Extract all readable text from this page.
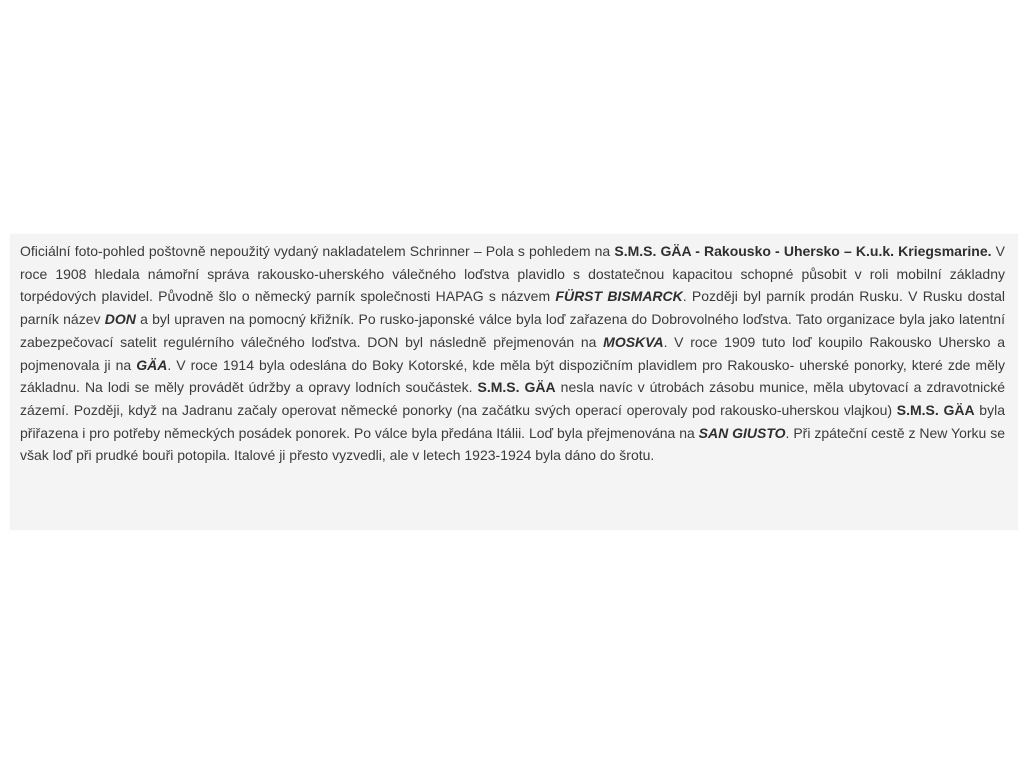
Oficiální foto-pohled poštovně nepoužitý vydaný nakladatelem Schrinner – Pola s pohledem na S.M.S. GÄA - Rakousko - Uhersko – K.u.k. Kriegsmarine. V roce 1908 hledala námořní správa rakousko-uherského válečného loďstva plavidlo s dostatečnou kapacitou schopné působit v roli mobilní základny torpédových plavidel. Původně šlo o německý parník společnosti HAPAG s názvem FÜRST BISMARCK. Později byl parník prodán Rusku. V Rusku dostal parník název DON a byl upraven na pomocný křižník. Po rusko-japonské válce byla loď zařazena do Dobrovolného loďstva. Tato organizace byla jako latentní zabezpečovací satelit regulérního válečného loďstva. DON byl následně přejmenován na MOSKVA. V roce 1909 tuto loď koupilo Rakousko Uhersko a pojmenovala ji na GÄA. V roce 1914 byla odeslána do Boky Kotorské, kde měla být dispozičním plavidlem pro Rakousko- uherské ponorky, které zde měly základnu. Na lodi se měly provádět údržby a opravy lodních součástek. S.M.S. GÄA nesla navíc v útrobách zásobu munice, měla ubytovací a zdravotnické zázemí. Později, když na Jadranu začaly operovat německé ponorky (na začátku svých operací operovaly pod rakousko-uherskou vlajkou) S.M.S. GÄA byla přiřazena i pro potřeby německých posádek ponorek. Po válce byla předána Itálii. Loď byla přejmenována na SAN GIUSTO. Při zpáteční cestě z New Yorku se však loď při prudké bouři potopila. Italové ji přesto vyzvedli, ale v letech 1923-1924 byla dáno do šrotu.
